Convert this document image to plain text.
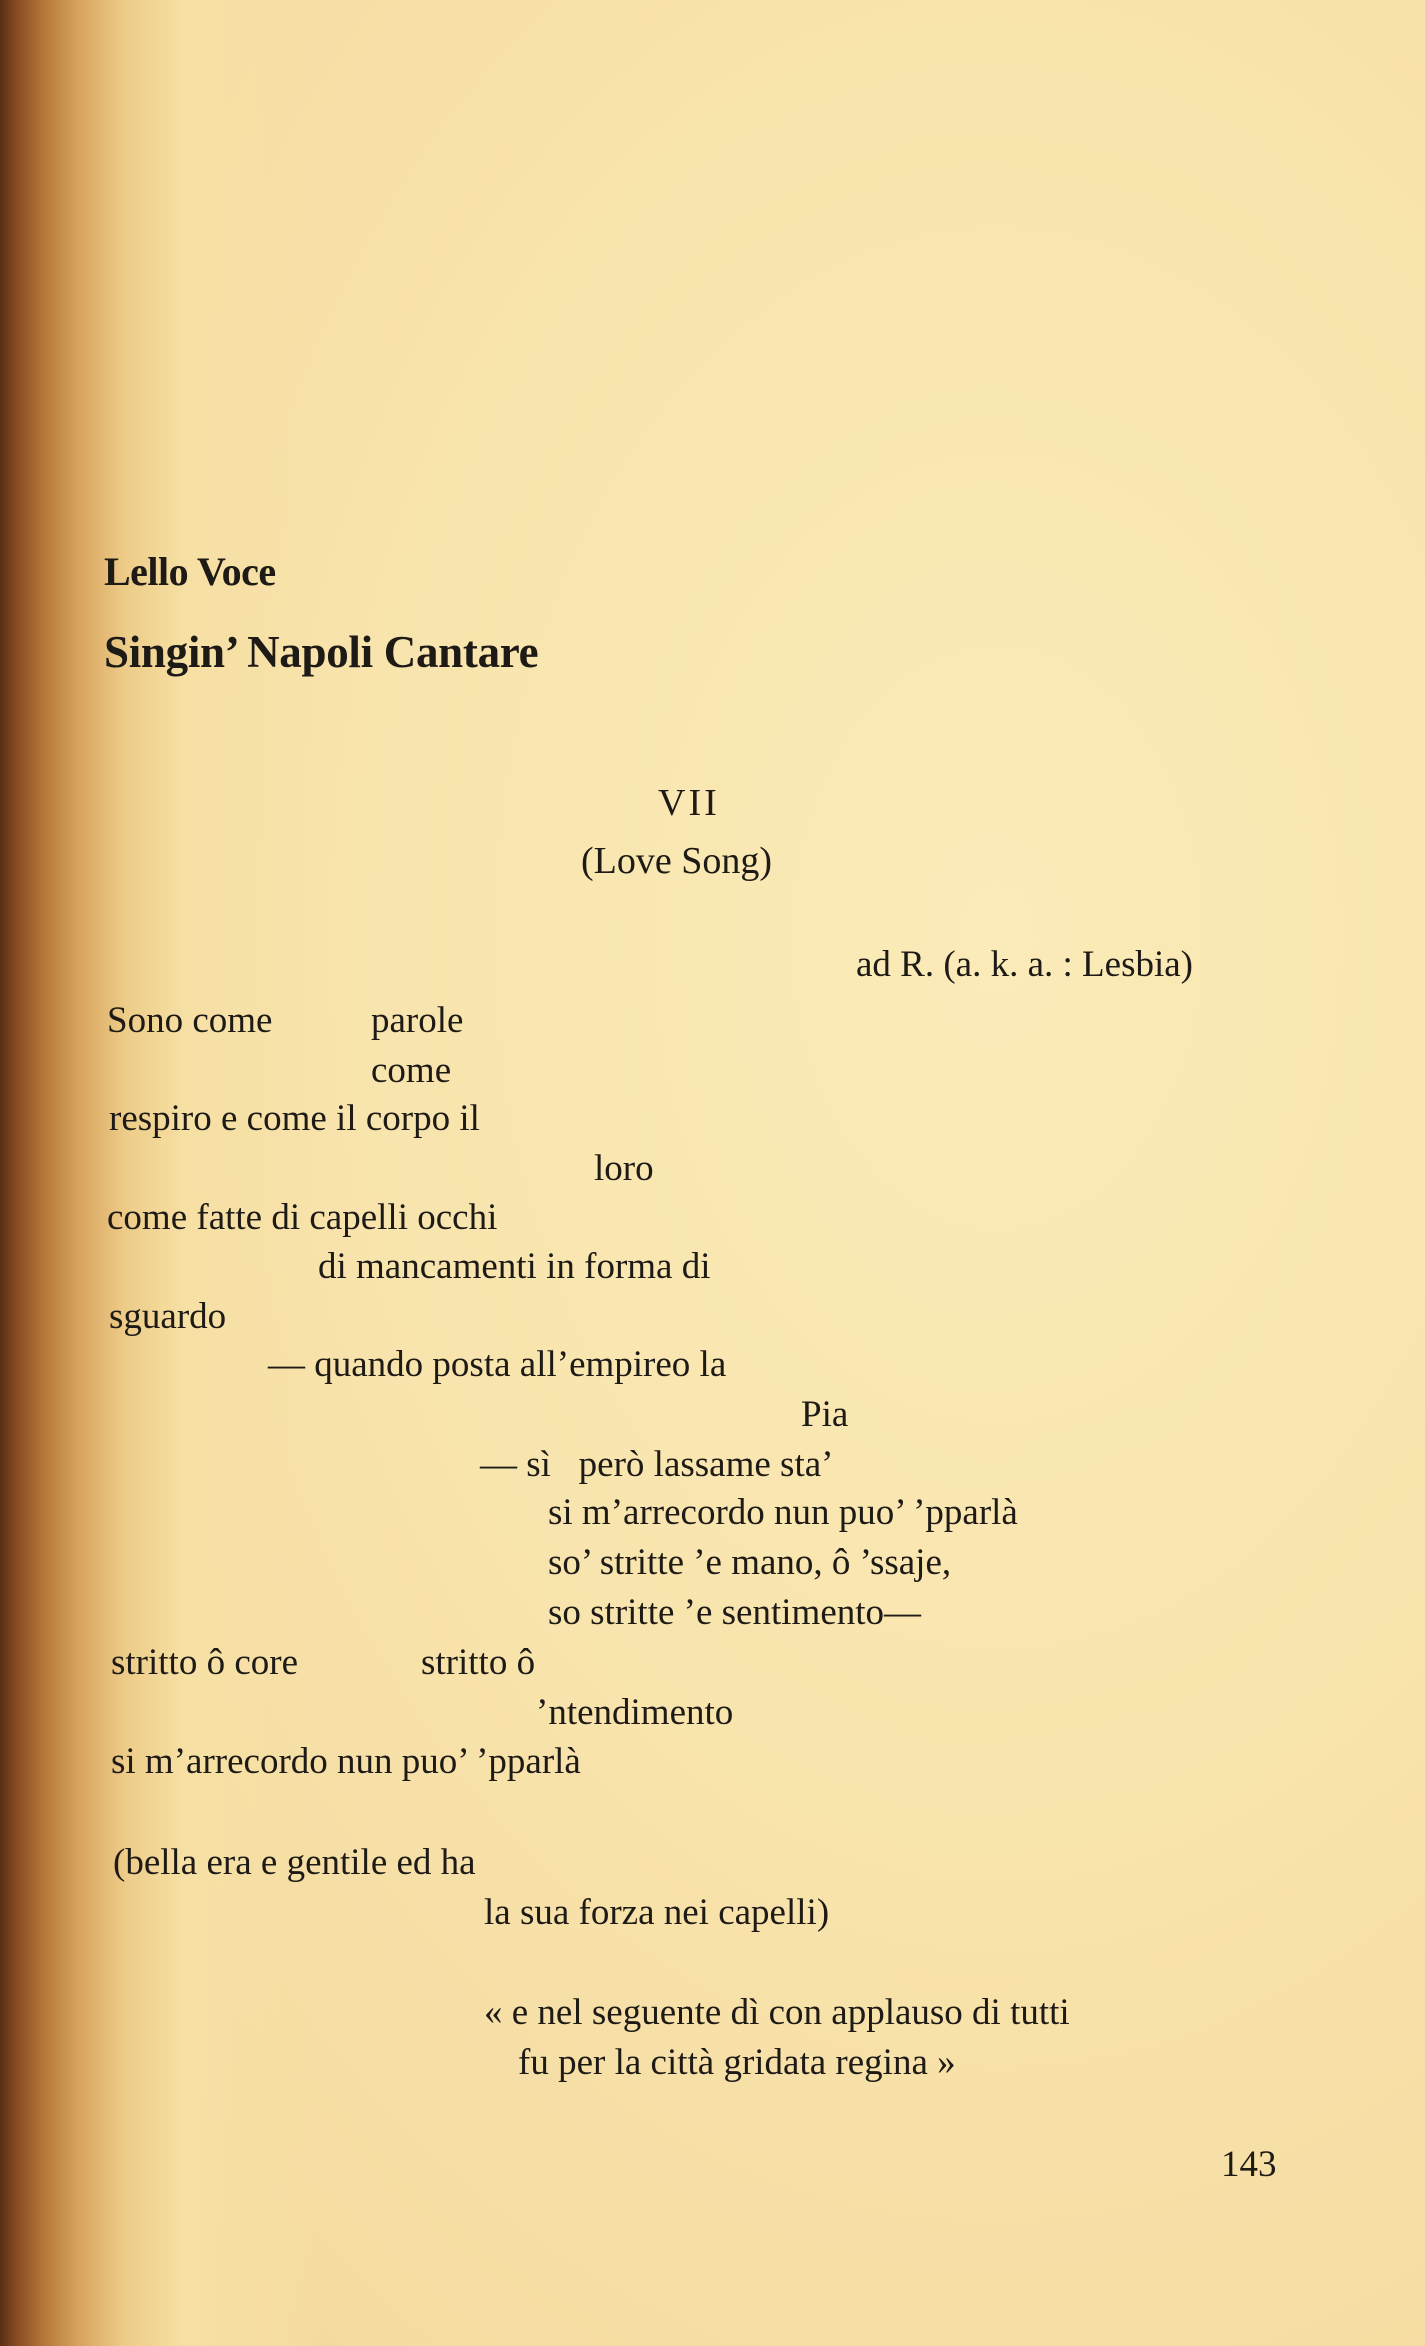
Lello Voce
Singin’ Napoli Cantare
VII
(Love Song)
ad R. (a. k. a. : Lesbia)
Sono come	parole
come
respiro e come il corpo il
loro
come fatte di capelli occhi
di mancamenti in forma di
sguardo
— quando posta all’empireo la
Pia
— sì   però lassame sta’
si m’arrecordo nun puo’ ’pparlà
so’ stritte ’e mano, ô ’ssaje,
so stritte ’e sentimento—
stritto ô core	stritto ô
’ntendimento
si m’arrecordo nun puo’ ’pparlà
(bella era e gentile ed ha
la sua forza nei capelli)
« e nel seguente dì con applauso di tutti
fu per la città gridata regina »
143
